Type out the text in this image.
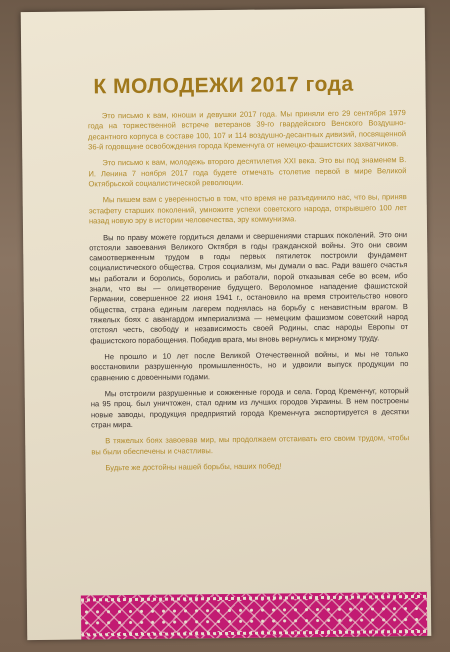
К МОЛОДЕЖИ 2017 года

Это письмо к вам, юноши и девушки 2017 года. Мы приняли его 29 сентября 1979 года на торжественной встрече ветеранов 39-го гвардейского Венского Воздушно-десантного корпуса в составе 100, 107 и 114 воздушно-десантных дивизий, посвященной 36-й годовщине освобождения города Кременчуга от немецко-фашистских захватчиков.

Это письмо к вам, молодежь второго десятилетия XXI века. Это вы под знаменем В. И. Ленина 7 ноября 2017 года будете отмечать столетие первой в мире Великой Октябрьской социалистической революции.

Мы пишем вам с уверенностью в том, что время не разъединило нас, что вы, приняв эстафету старших поколений, умножите успехи советского народа, открывшего 100 лет назад новую эру в истории человечества, эру коммунизма.

Вы по праву можете гордиться делами и свершениями старших поколений. Это они отстояли завоевания Великого Октября в годы гражданской войны. Это они своим самоотверженным трудом в годы первых пятилеток построили фундамент социалистического общества. Строя социализм, мы думали о вас. Ради вашего счастья мы работали и боролись, боролись и работали, порой отказывая себе во всем, ибо знали, что вы — олицетворение будущего. Вероломное нападение фашистской Германии, совершенное 22 июня 1941 г., остановило на время строительство нового общества, страна единым лагерем поднялась на борьбу с ненавистным врагом. В тяжелых боях с авангардом империализма — немецким фашизмом советский народ отстоял честь, свободу и независимость своей Родины, спас народы Европы от фашистского порабощения. Победив врага, мы вновь вернулись к мирному труду.

Не прошло и 10 лет после Великой Отечественной войны, и мы не только восстановили разрушенную промышленность, но и удвоили выпуск продукции по сравнению с довоенными годами.

Мы отстроили разрушенные и сожженные города и села. Город Кременчуг, который на 95 проц. был уничтожен, стал одним из лучших городов Украины. В нем построены новые заводы, продукция предприятий города Кременчуга экспортируется в десятки стран мира.

В тяжелых боях завоевав мир, мы продолжаем отстаивать его своим трудом, чтобы вы были обеспечены и счастливы.

Будьте же достойны нашей борьбы, наших побед!
